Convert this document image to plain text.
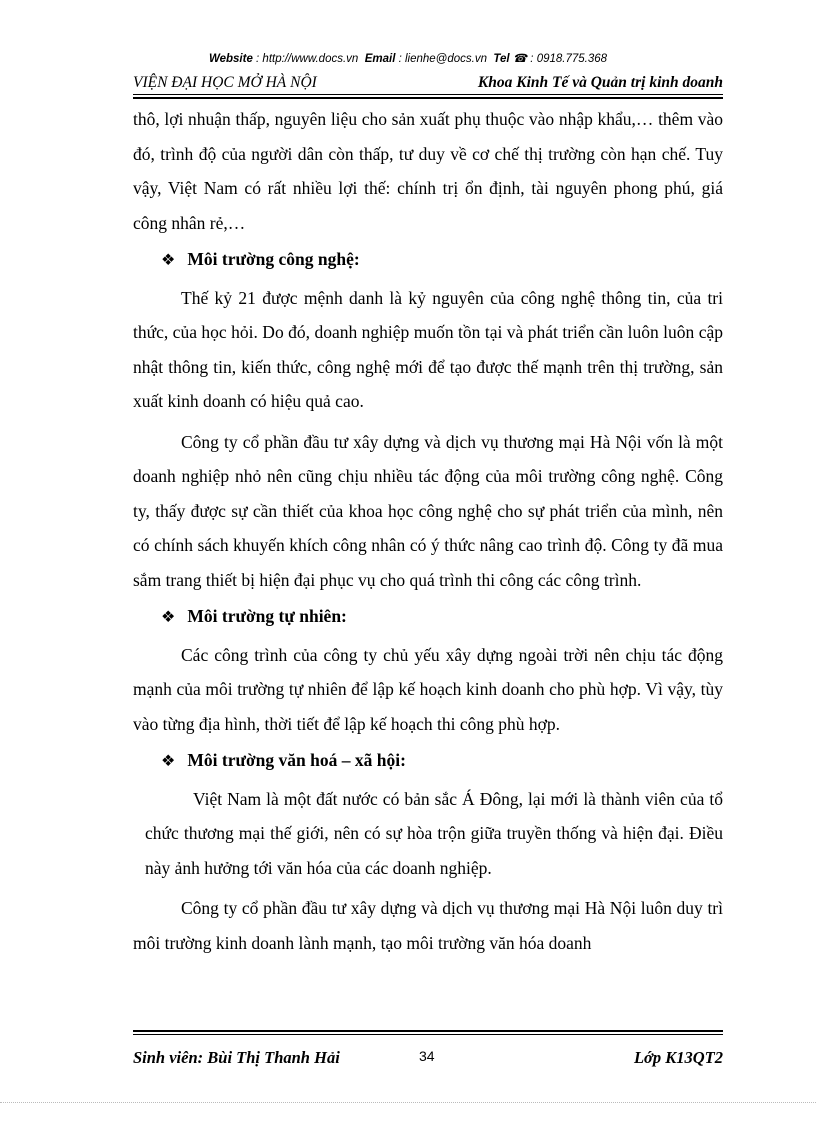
Website : http://www.docs.vn Email : lienhe@docs.vn Tel ☎ : 0918.775.368
VIỆN ĐẠI HỌC MỞ HÀ NỘI	Khoa Kinh Tế và Quản trị kinh doanh

thô, lợi nhuận thấp, nguyên liệu cho sản xuất phụ thuộc vào nhập khẩu,… thêm vào đó, trình độ của người dân còn thấp, tư duy về cơ chế thị trường còn hạn chế. Tuy vậy, Việt Nam có rất nhiều lợi thế: chính trị ổn định, tài nguyên phong phú, giá công nhân rẻ,…

❖ Môi trường công nghệ:

Thế kỷ 21 được mệnh danh là kỷ nguyên của công nghệ thông tin, của tri thức, của học hỏi. Do đó, doanh nghiệp muốn tồn tại và phát triển cần luôn luôn cập nhật thông tin, kiến thức, công nghệ mới để tạo được thế mạnh trên thị trường, sản xuất kinh doanh có hiệu quả cao.

Công ty cổ phần đầu tư xây dựng và dịch vụ thương mại Hà Nội vốn là một doanh nghiệp nhỏ nên cũng chịu nhiều tác động của môi trường công nghệ. Công ty, thấy được sự cần thiết của khoa học công nghệ cho sự phát triển của mình, nên có chính sách khuyến khích công nhân có ý thức nâng cao trình độ. Công ty đã mua sắm trang thiết bị hiện đại phục vụ cho quá trình thi công các công trình.

❖ Môi trường tự nhiên:

Các công trình của công ty chủ yếu xây dựng ngoài trời nên chịu tác động mạnh của môi trường tự nhiên để lập kế hoạch kinh doanh cho phù hợp. Vì vậy, tùy vào từng địa hình, thời tiết để lập kế hoạch thi công phù hợp.

❖ Môi trường văn hoá – xã hội:

Việt Nam là một đất nước có bản sắc Á Đông, lại mới là thành viên của tổ chức thương mại thế giới, nên có sự hòa trộn giữa truyền thống và hiện đại. Điều này ảnh hưởng tới văn hóa của các doanh nghiệp.

Công ty cổ phần đầu tư xây dựng và dịch vụ thương mại Hà Nội luôn duy trì môi trường kinh doanh lành mạnh, tạo môi trường văn hóa doanh

Sinh viên: Bùi Thị Thanh Hải	34	Lớp K13QT2
